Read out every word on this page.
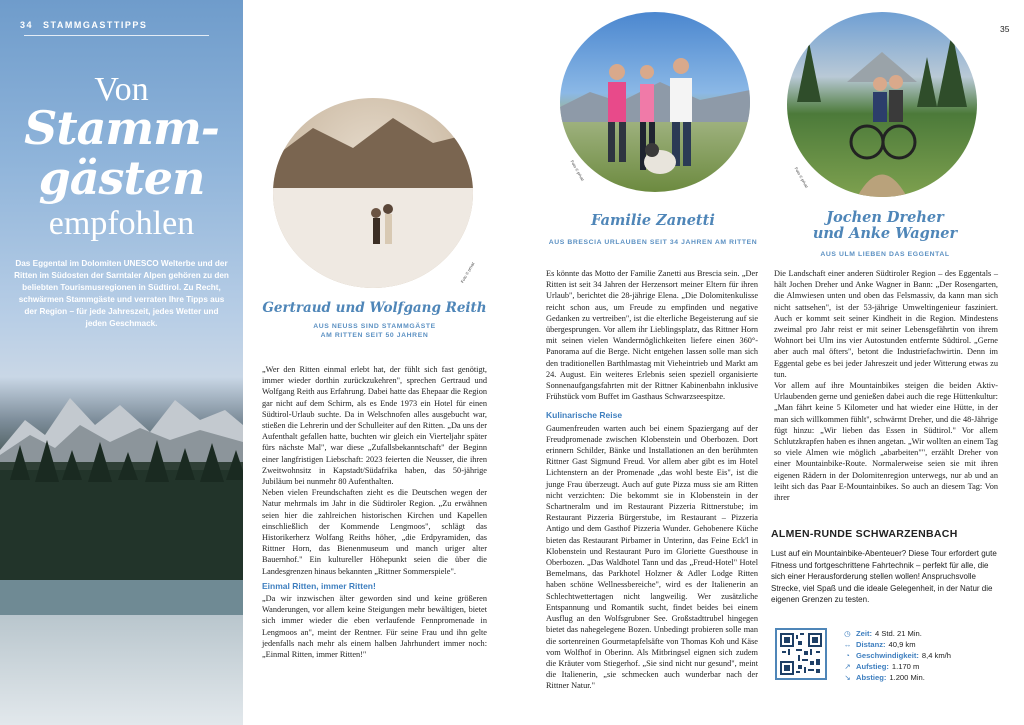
34 STAMMGASTTIPPS
Von
Stamm-
gästen
empfohlen
Das Eggental im Dolomiten UNESCO Welterbe und der Ritten im Südosten der Sarntaler Alpen gehören zu den beliebten Tourismusregionen in Südtirol. Zu Recht, schwärmen Stammgäste und verraten Ihre Tipps aus der Region – für jede Jahreszeit, jedes Wetter und jeden Geschmack.
35
Foto © privat
Gertraud und Wolfgang Reith
AUS NEUSS SIND STAMMGÄSTE
AM RITTEN SEIT 50 JAHREN

„Wer den Ritten einmal erlebt hat, der fühlt sich fast genötigt, immer wieder dorthin zurückzukehren", sprechen Gertraud und Wolfgang Reith aus Erfahrung. Dabei hatte das Ehepaar die Region gar nicht auf dem Schirm, als es Ende 1973 ein Hotel für einen Südtirol-Urlaub suchte. Da in Welschnofen alles ausgebucht war, stießen die Lehrerin und der Schulleiter auf den Ritten. „Da uns der Aufenthalt gefallen hatte, buchten wir gleich ein Vierteljahr später fürs nächste Mal", war diese „Zufallsbekanntschaft" der Beginn einer langfristigen Liebschaft: 2023 feierten die Neusser, die ihren Zweitwohnsitz in Kapstadt/Südafrika haben, das 50-jährige Jubiläum bei nunmehr 80 Aufenthalten.

Neben vielen Freundschaften zieht es die Deutschen wegen der Natur mehrmals im Jahr in die Südtiroler Region. „Zu erwähnen seien hier die zahlreichen historischen Kirchen und Kapellen einschließlich der Kommende Lengmoos", schlägt das Historikerherz Wolfang Reiths höher, „die Erdpyramiden, das Rittner Horn, das Bienenmuseum und manch uriger alter Bauernhof." Ein kultureller Höhepunkt seien die über die Landesgrenzen hinaus bekannten „Rittner Sommerspiele".

Einmal Ritten, immer Ritten!

„Da wir inzwischen älter geworden sind und keine größeren Wanderungen, vor allem keine Steigungen mehr bewältigen, bietet sich immer wieder die eben verlaufende Fennpromenade in Lengmoos an", meint der Rentner. Für seine Frau und ihn gelte jedenfalls nach mehr als einem halben Jahrhundert immer noch: „Einmal Ritten, immer Ritten!"

Foto © privat
Familie Zanetti
AUS BRESCIA URLAUBEN SEIT 34 JAHREN AM RITTEN

Es könnte das Motto der Familie Zanetti aus Brescia sein. „Der Ritten ist seit 34 Jahren der Herzensort meiner Eltern für ihren Urlaub", berichtet die 28-jährige Elena. „Die Dolomitenkulisse reicht schon aus, um Freude zu empfinden und negative Gedanken zu vertreiben", ist die elterliche Begeisterung auf sie übergesprungen. Vor allem ihr Lieblingsplatz, das Rittner Horn mit seinen vielen Wandermöglichkeiten liefere einen 360°-Panorama auf die Berge. Nicht entgehen lassen solle man sich den traditionellen Barthlmastag mit Vieheintrieb und Markt am 24. August. Ein weiteres Erlebnis seien speziell organisierte Sonnenaufgangsfahrten mit der Rittner Kabinenbahn inklusive Frühstück vom Buffet im Gasthaus Schwarzseespitze.

Kulinarische Reise

Gaumenfreuden warten auch bei einem Spaziergang auf der Freudpromenade zwischen Klobenstein und Oberbozen. Dort erinnern Schilder, Bänke und Installationen an den berühmten Rittner Gast Sigmund Freud. Vor allem aber gibt es im Hotel Lichtenstern an der Promenade „das wohl beste Eis", ist die junge Frau überzeugt. Auch auf gute Pizza muss sie am Ritten nicht verzichten: Die bekommt sie in Klobenstein in der Schartneralm und im Restaurant Pizzeria Rittnerstube; im Restaurant Pizzeria Bürgerstube, im Restaurant – Pizzeria Antigo und dem Gasthof Pizzeria Wunder. Gehobenere Küche bieten das Restaurant Pirbamer in Unterinn, das Feine Eck'l in Klobenstein und Restaurant Puro im Gloriette Guesthouse in Oberbozen. „Das Waldhotel Tann und das „Freud-Hotel" Hotel Bemelmans, das Parkhotel Holzner & Adler Lodge Ritten haben schöne Wellnessbereiche", wird es der Italienerin an Schlechtwettertagen nicht langweilig. Wer zusätzliche Entspannung und Romantik sucht, findet beides bei einem Ausflug an den Wolfsgrubner See. Großstadttrubel hingegen bietet das nahegelegene Bozen. Unbedingt probieren solle man die sortenreinen Gourmetapfelsäfte von Thomas Koh und Käse vom Wolfhof in Oberinn. Als Mitbringsel eignen sich zudem die Kräuter vom Stiegerhof. „Sie sind nicht nur gesund", meint die Italienerin, „sie schmecken auch wunderbar nach der Rittner Natur."

Foto © privat
Jochen Dreher
und Anke Wagner
AUS ULM LIEBEN DAS EGGENTAL

Die Landschaft einer anderen Südtiroler Region – des Eggentals – hält Jochen Dreher und Anke Wagner in Bann: „Der Rosengarten, die Almwiesen unten und oben das Felsmassiv, da kann man sich nicht sattsehen", ist der 53-jährige Umweltingenieur fasziniert. Auch er kommt seit seiner Kindheit in die Region. Mindestens zweimal pro Jahr reist er mit seiner Lebensgefährtin von ihrem Wohnort bei Ulm ins vier Autostunden entfernte Südtirol. „Gerne aber auch mal öfters", betont die Industriefachwirtin. Denn im Eggental gebe es bei jeder Jahreszeit und jeder Witterung etwas zu tun.

Vor allem auf ihre Mountainbikes steigen die beiden Aktiv-Urlaubenden gerne und genießen dabei auch die rege Hüttenkultur: „Man fährt keine 5 Kilometer und hat wieder eine Hütte, in der man sich willkommen fühlt", schwärmt Dreher, und die 48-Jährige fügt hinzu: „Wir lieben das Essen in Südtirol." Vor allem Schlutzkrapfen haben es ihnen angetan. „Wir wollten an einem Tag so viele Almen wie möglich „abarbeiten"", erzählt Dreher von einer Mountainbike-Route. Normalerweise seien sie mit ihren eigenen Rädern in der Dolomitenregion unterwegs, nur ab und an leiht sich das Paar E-Mountainbikes. So auch an diesem Tag: Von ihrer

ALMEN-RUNDE SCHWARZENBACH
Lust auf ein Mountainbike-Abenteuer? Diese Tour erfordert gute Fitness und fortgeschrittene Fahrtechnik – perfekt für alle, die sich einer Herausforderung stellen wollen! Anspruchsvolle Strecke, viel Spaß und die ideale Gelegenheit, in der Natur die eigenen Grenzen zu testen.
◷ Zeit: 4 Std. 21 Min.
↔ Distanz: 40,9 km
◔ Geschwindigkeit: 8,4 km/h
↗ Aufstieg: 1.170 m
↘ Abstieg: 1.200 Min.
